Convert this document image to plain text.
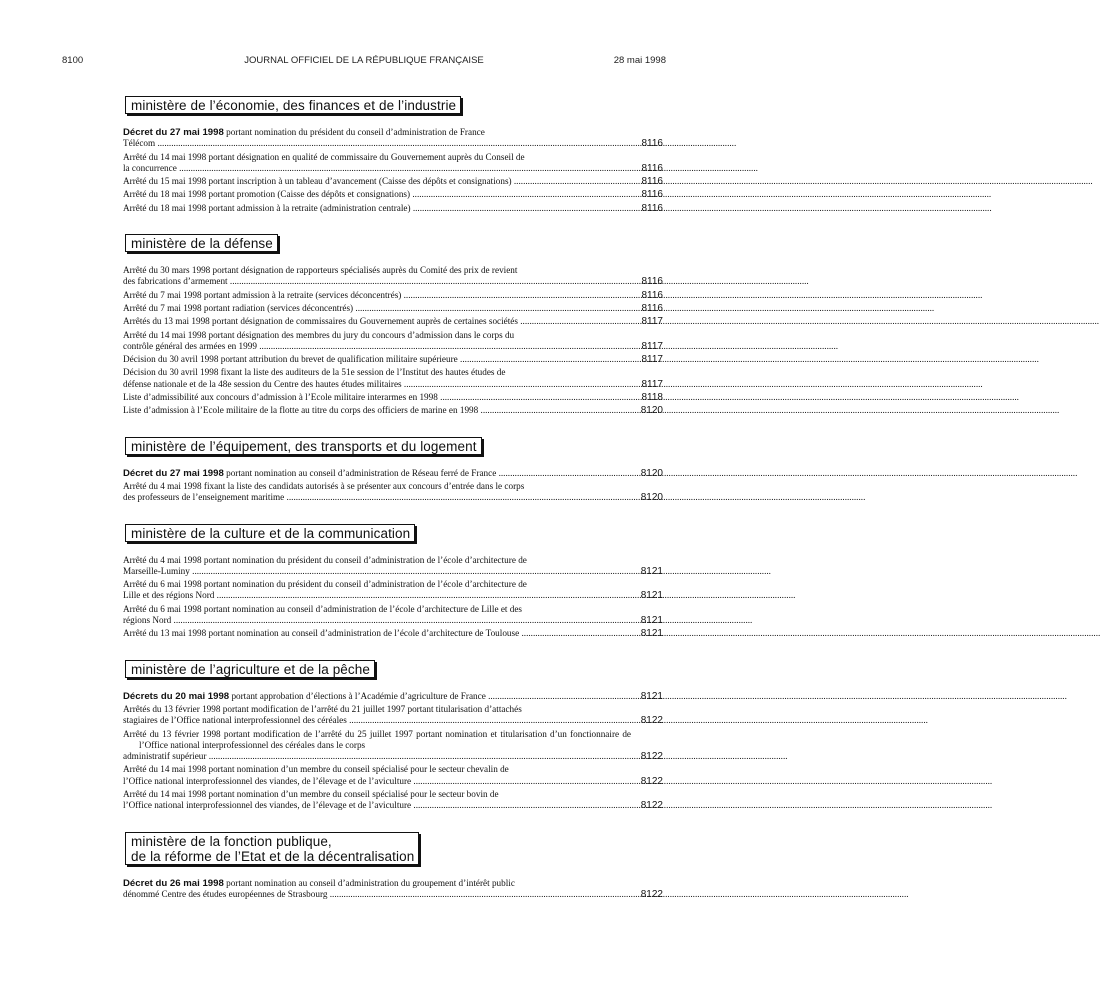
8100	JOURNAL OFFICIEL DE LA RÉPUBLIQUE FRANÇAISE	28 mai 1998
ministère de l’économie, des finances et de l’industrie
Décret du 27 mai 1998 portant nomination du président du conseil d’administration de France
Télécom .....	8116
Arrêté du 14 mai 1998 portant désignation en qualité de commissaire du Gouvernement auprès du Conseil de
la concurrence .....	8116
Arrêté du 15 mai 1998 portant inscription à un tableau d’avancement (Caisse des dépôts et consignations) .....	8116
Arrêté du 18 mai 1998 portant promotion (Caisse des dépôts et consignations) .....	8116
Arrêté du 18 mai 1998 portant admission à la retraite (administration centrale) .....	8116
ministère de la défense
Arrêté du 30 mars 1998 portant désignation de rapporteurs spécialisés auprès du Comité des prix de revient
des fabrications d’armement .....	8116
Arrêté du 7 mai 1998 portant admission à la retraite (services déconcentrés) .....	8116
Arrêté du 7 mai 1998 portant radiation (services déconcentrés) .....	8116
Arrêtés du 13 mai 1998 portant désignation de commissaires du Gouvernement auprès de certaines sociétés .....	8117
Arrêté du 14 mai 1998 portant désignation des membres du jury du concours d’admission dans le corps du
contrôle général des armées en 1999 .....	8117
Décision du 30 avril 1998 portant attribution du brevet de qualification militaire supérieure .....	8117
Décision du 30 avril 1998 fixant la liste des auditeurs de la 51e session de l’Institut des hautes études de
défense nationale et de la 48e session du Centre des hautes études militaires .....	8117
Liste d’admissibilité aux concours d’admission à l’Ecole militaire interarmes en 1998 .....	8118
Liste d’admission à l’Ecole militaire de la flotte au titre du corps des officiers de marine en 1998 .....	8120
ministère de l’équipement, des transports et du logement
Décret du 27 mai 1998 portant nomination au conseil d’administration de Réseau ferré de France .....	8120
Arrêté du 4 mai 1998 fixant la liste des candidats autorisés à se présenter aux concours d’entrée dans le corps
des professeurs de l’enseignement maritime .....	8120
ministère de la culture et de la communication
Arrêté du 4 mai 1998 portant nomination du président du conseil d’administration de l’école d’architecture de
Marseille-Luminy .....	8121
Arrêté du 6 mai 1998 portant nomination du président du conseil d’administration de l’école d’architecture de
Lille et des régions Nord .....	8121
Arrêté du 6 mai 1998 portant nomination au conseil d’administration de l’école d’architecture de Lille et des
régions Nord .....	8121
Arrêté du 13 mai 1998 portant nomination au conseil d’administration de l’école d’architecture de Toulouse .....	8121
ministère de l’agriculture et de la pêche
Décrets du 20 mai 1998 portant approbation d’élections à l’Académie d’agriculture de France .....	8121
Arrêtés du 13 février 1998 portant modification de l’arrêté du 21 juillet 1997 portant titularisation d’attachés
stagiaires de l’Office national interprofessionnel des céréales .....	8122
Arrêté du 13 février 1998 portant modification de l’arrêté du 25 juillet 1997 portant nomination et titularisation d’un fonctionnaire de l’Office national interprofessionnel des céréales dans le corps
administratif supérieur .....	8122
Arrêté du 14 mai 1998 portant nomination d’un membre du conseil spécialisé pour le secteur chevalin de
l’Office national interprofessionnel des viandes, de l’élevage et de l’aviculture .....	8122
Arrêté du 14 mai 1998 portant nomination d’un membre du conseil spécialisé pour le secteur bovin de
l’Office national interprofessionnel des viandes, de l’élevage et de l’aviculture .....	8122
ministère de la fonction publique,
de la réforme de l’Etat et de la décentralisation
Décret du 26 mai 1998 portant nomination au conseil d’administration du groupement d’intérêt public
dénommé Centre des études européennes de Strasbourg .....	8122
